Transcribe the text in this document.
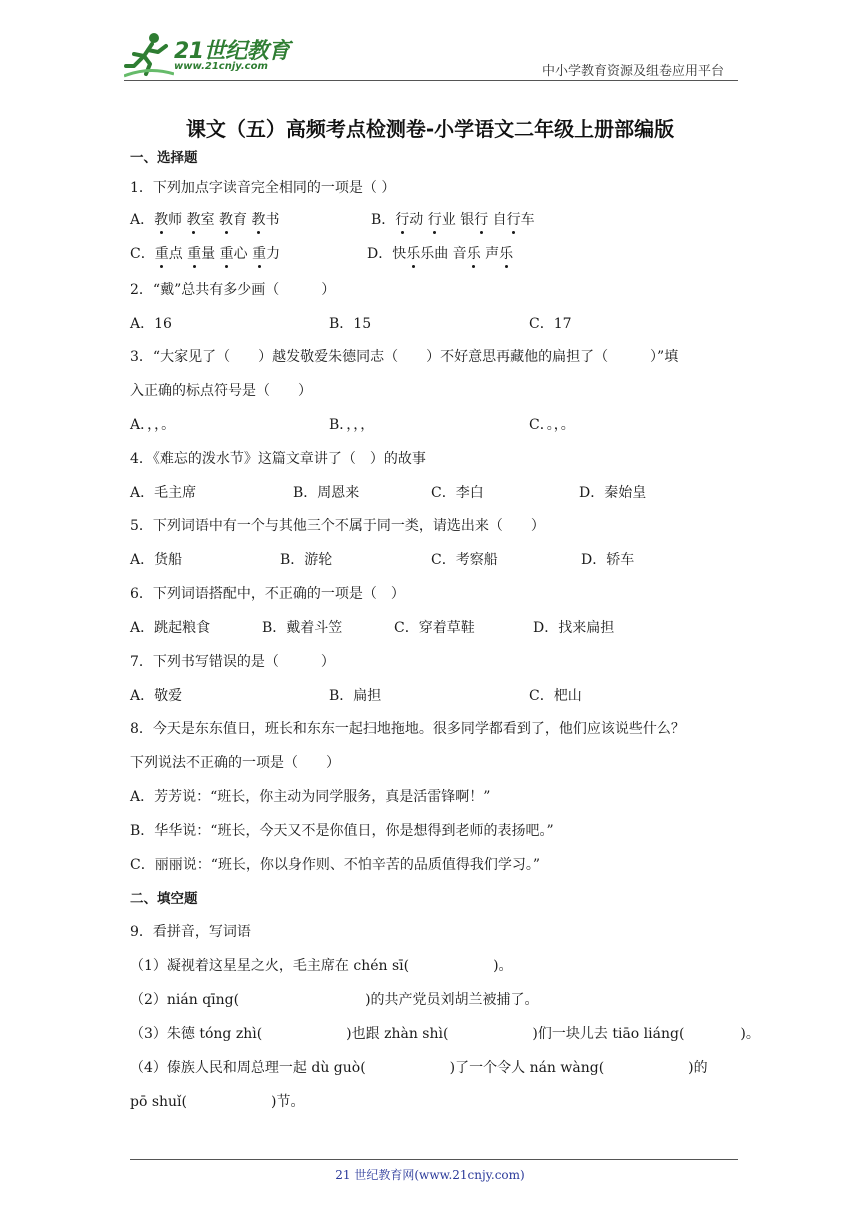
21世纪教育
www.21cnjy.com	中小学教育资源及组卷应用平台
课文（五）高频考点检测卷-小学语文二年级上册部编版
一、选择题
1．下列加点字读音完全相同的一项是（ ）
A．教师 教室 教育 教书	B．行动 行业 银行 自行车
C．重点 重量 重心 重力	D．快乐乐曲 音乐 声乐
2．“戴”总共有多少画（　　　）
A．16	B．15	C．17
3．“大家见了（　　）越发敬爱朱德同志（　　）不好意思再藏他的扁担了（　　　）”填
入正确的标点符号是（　　）
A．，，。	B．，，，	C．。，。
4．《难忘的泼水节》这篇文章讲了（　）的故事
A．毛主席	B．周恩来	C．李白	D．秦始皇
5．下列词语中有一个与其他三个不属于同一类，请选出来（　　）
A．货船	B．游轮	C．考察船	D．轿车
6．下列词语搭配中，不正确的一项是（　）
A．跳起粮食	B．戴着斗笠	C．穿着草鞋	D．找来扁担
7．下列书写错误的是（　　　）
A．敬爱	B．扁担	C．杷山
8．今天是东东值日，班长和东东一起扫地拖地。很多同学都看到了，他们应该说些什么？
下列说法不正确的一项是（　　）
A．芳芳说：“班长，你主动为同学服务，真是活雷锋啊！”
B．华华说：“班长，今天又不是你值日，你是想得到老师的表扬吧。”
C．丽丽说：“班长，你以身作则、不怕辛苦的品质值得我们学习。”
二、填空题
9．看拼音，写词语
（1）凝视着这星星之火，毛主席在 chén sī(　　　　　　)。
（2）nián qīng(　　　　　　　　　)的共产党员刘胡兰被捕了。
（3）朱德 tóng zhì(　　　　　　)也跟 zhàn shì(　　　　　　)们一块儿去 tiāo liáng(　　　　)。
（4）傣族人民和周总理一起 dù guò(　　　　　　)了一个令人 nán wàng(　　　　　　)的
pō shuǐ(　　　　　　)节。
21 世纪教育网(www.21cnjy.com)
